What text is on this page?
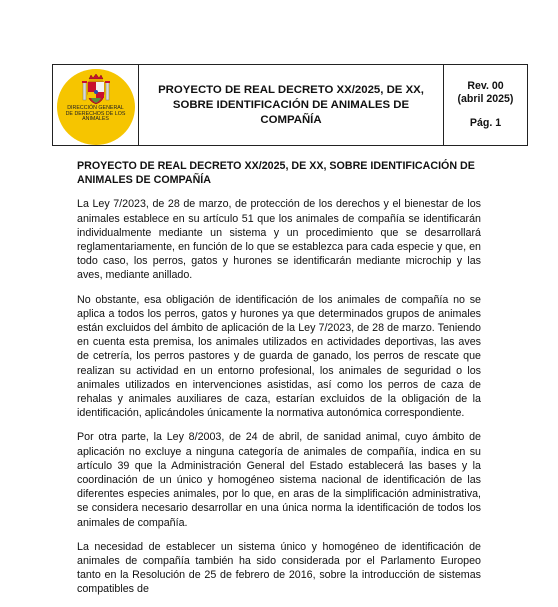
DIRECCIÓN GENERAL DE DERECHOS DE LOS ANIMALES
PROYECTO DE REAL DECRETO XX/2025, DE XX,
SOBRE IDENTIFICACIÓN DE ANIMALES DE COMPAÑÍA
Rev. 00
(abril 2025)
Pág. 1

PROYECTO DE REAL DECRETO XX/2025, DE XX, SOBRE IDENTIFICACIÓN DE ANIMALES DE COMPAÑÍA

La Ley 7/2023, de 28 de marzo, de protección de los derechos y el bienestar de los animales establece en su artículo 51 que los animales de compañía se identificarán individualmente mediante un sistema y un procedimiento que se desarrollará reglamentariamente, en función de lo que se establezca para cada especie y que, en todo caso, los perros, gatos y hurones se identificarán mediante microchip y las aves, mediante anillado.

No obstante, esa obligación de identificación de los animales de compañía no se aplica a todos los perros, gatos y hurones ya que determinados grupos de animales están excluidos del ámbito de aplicación de la Ley 7/2023, de 28 de marzo. Teniendo en cuenta esta premisa, los animales utilizados en actividades deportivas, las aves de cetrería, los perros pastores y de guarda de ganado, los perros de rescate que realizan su actividad en un entorno profesional, los animales de seguridad o los animales utilizados en intervenciones asistidas, así como los perros de caza de rehalas y animales auxiliares de caza, estarían excluidos de la obligación de la identificación, aplicándoles únicamente la normativa autonómica correspondiente.

Por otra parte, la Ley 8/2003, de 24 de abril, de sanidad animal, cuyo ámbito de aplicación no excluye a ninguna categoría de animales de compañía, indica en su artículo 39 que la Administración General del Estado establecerá las bases y la coordinación de un único y homogéneo sistema nacional de identificación de las diferentes especies animales, por lo que, en aras de la simplificación administrativa, se considera necesario desarrollar en una única norma la identificación de todos los animales de compañía.

La necesidad de establecer un sistema único y homogéneo de identificación de animales de compañía también ha sido considerada por el Parlamento Europeo tanto en la Resolución de 25 de febrero de 2016, sobre la introducción de sistemas compatibles de
